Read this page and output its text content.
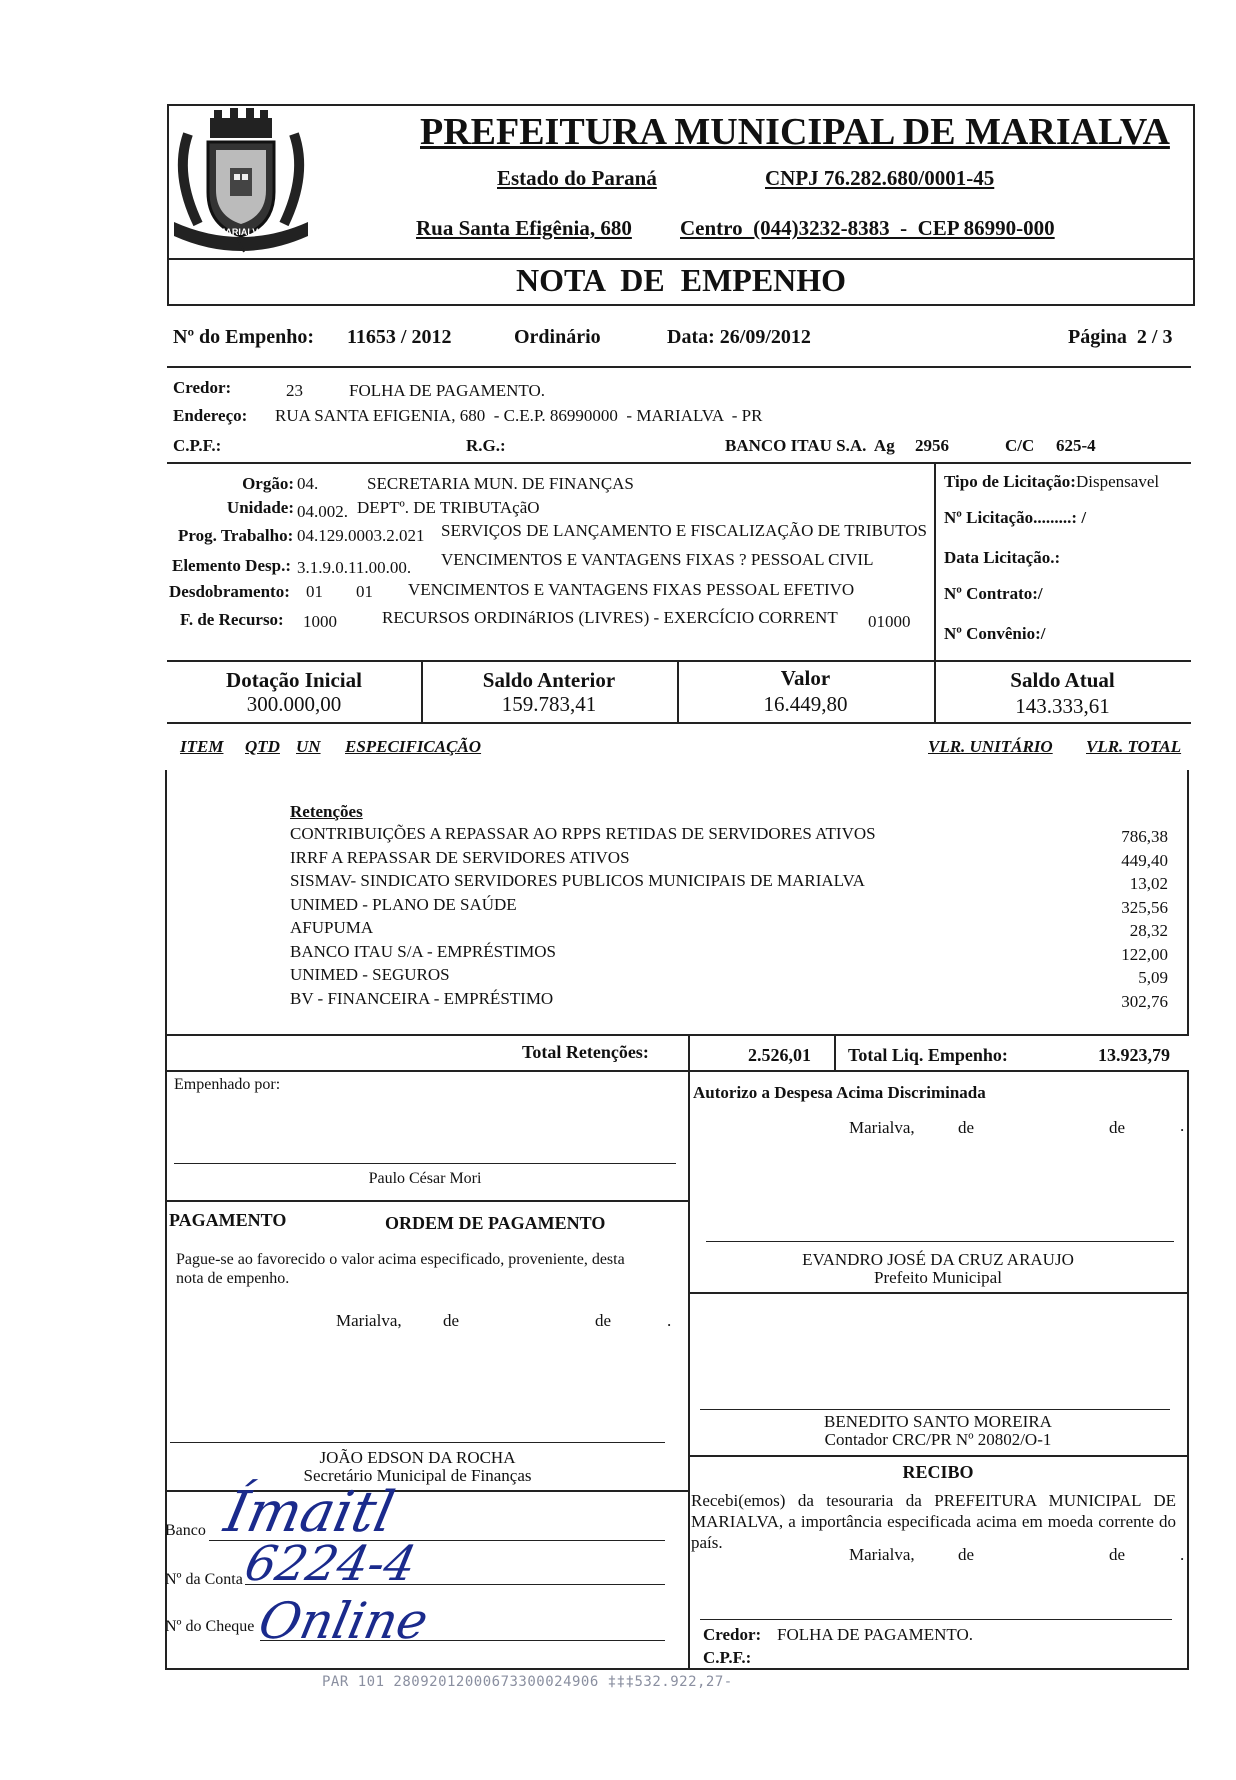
MARIALVA
PREFEITURA MUNICIPAL DE MARIALVA
Estado do Paraná	CNPJ 76.282.680/0001-45
Rua Santa Efigênia, 680 Centro  (044)3232-8383  -  CEP 86990-000
NOTA  DE  EMPENHO
Nº do Empenho: 11653 / 2012	Ordinário	Data: 26/09/2012	Página  2 / 3
Credor:	23	FOLHA DE PAGAMENTO.
Endereço: RUA SANTA EFIGENIA, 680  - C.E.P. 86990000  - MARIALVA  - PR
C.P.F.:	R.G.:	BANCO ITAU S.A.  Ag 2956	C/C 625-4
Orgão: 04.	SECRETARIA MUN. DE FINANÇAS
Unidade: 04.002. DEPTº. DE TRIBUTAçãO
Prog. Trabalho: 04.129.0003.2.021 SERVIÇOS DE LANÇAMENTO E FISCALIZAÇÃO DE TRIBUTOS
Elemento Desp.: 3.1.9.0.11.00.00. VENCIMENTOS E VANTAGENS FIXAS ? PESSOAL CIVIL
Desdobramento: 01 01 VENCIMENTOS E VANTAGENS FIXAS PESSOAL EFETIVO
F. de Recurso: 1000	RECURSOS ORDINáRIOS (LIVRES) - EXERCÍCIO CORRENT 01000
Tipo de Licitação: Dispensavel
Nº Licitação.........: /
Data Licitação.:
Nº Contrato:/
Nº Convênio:/
Dotação Inicial
300.000,00
Saldo Anterior
159.783,41
Valor
16.449,80
Saldo Atual
143.333,61
ITEM QTD UN ESPECIFICAÇÃO	VLR. UNITÁRIO VLR. TOTAL
Retenções
CONTRIBUIÇÕES A REPASSAR AO RPPS RETIDAS DE SERVIDORES ATIVOS	786,38
IRRF A REPASSAR DE SERVIDORES ATIVOS	449,40
SISMAV- SINDICATO SERVIDORES PUBLICOS MUNICIPAIS DE MARIALVA	13,02
UNIMED - PLANO DE SAÚDE	325,56
AFUPUMA	28,32
BANCO ITAU S/A - EMPRÉSTIMOS	122,00
UNIMED - SEGUROS	5,09
BV - FINANCEIRA - EMPRÉSTIMO	302,76
Total Retenções:	2.526,01 Total Liq. Empenho:	13.923,79
Empenhado por:
Paulo César Mori
Autorizo a Despesa Acima Discriminada
Marialva,	de	de	.
EVANDRO JOSÉ DA CRUZ ARAUJO
Prefeito Municipal
PAGAMENTO	ORDEM DE PAGAMENTO
Pague-se ao favorecido o valor acima especificado, proveniente, desta nota de empenho.
Marialva, de	de	.
BENEDITO SANTO MOREIRA
Contador CRC/PR Nº 20802/O-1
JOÃO EDSON DA ROCHA
Secretário Municipal de Finanças
Banco Ímaitl
Nº da Conta
6224-4
Nº do Cheque Online
RECIBO
Recebi(emos) da tesouraria da PREFEITURA MUNICIPAL DE MARIALVA, a importância especificada acima em moeda corrente do país.
Marialva,	de	de	.
Credor: FOLHA DE PAGAMENTO.
C.P.F.:
PAR 101 28092012000673300024906 ‡‡‡532.922,27-
